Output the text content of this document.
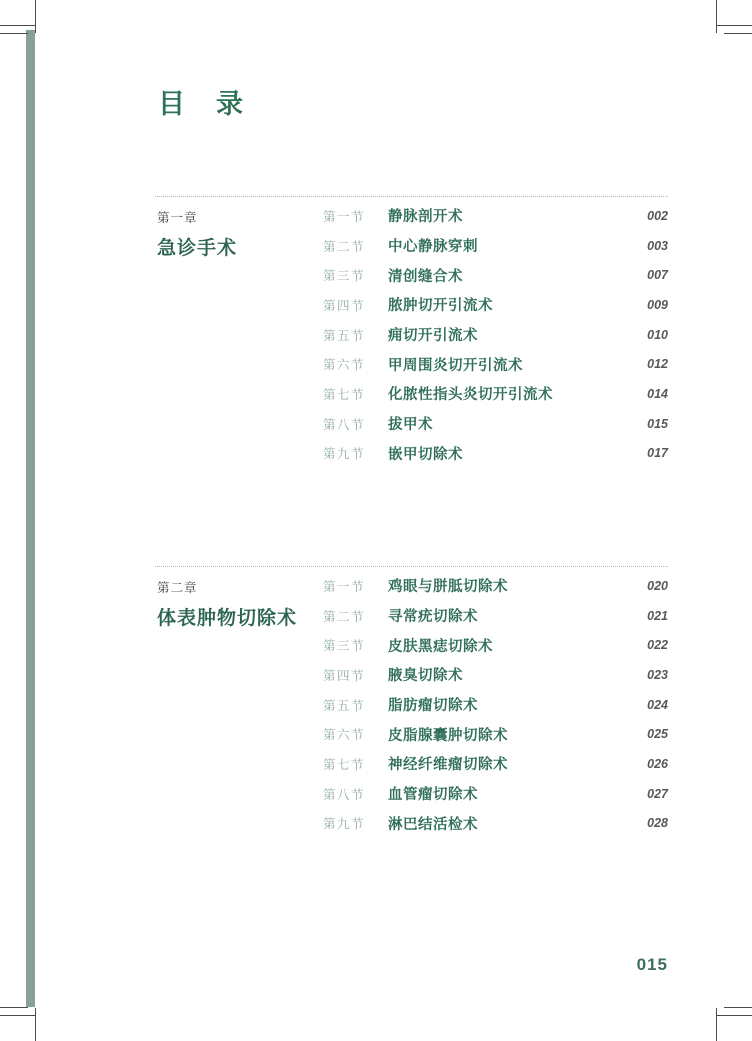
目　录
第一章
急诊手术
第一节	静脉剖开术	002
第二节	中心静脉穿刺	003
第三节	清创缝合术	007
第四节	脓肿切开引流术	009
第五节	痈切开引流术	010
第六节	甲周围炎切开引流术	012
第七节	化脓性指头炎切开引流术	014
第八节	拔甲术	015
第九节	嵌甲切除术	017
第二章
体表肿物切除术
第一节	鸡眼与胼胝切除术	020
第二节	寻常疣切除术	021
第三节	皮肤黑痣切除术	022
第四节	腋臭切除术	023
第五节	脂肪瘤切除术	024
第六节	皮脂腺囊肿切除术	025
第七节	神经纤维瘤切除术	026
第八节	血管瘤切除术	027
第九节	淋巴结活检术	028
015
